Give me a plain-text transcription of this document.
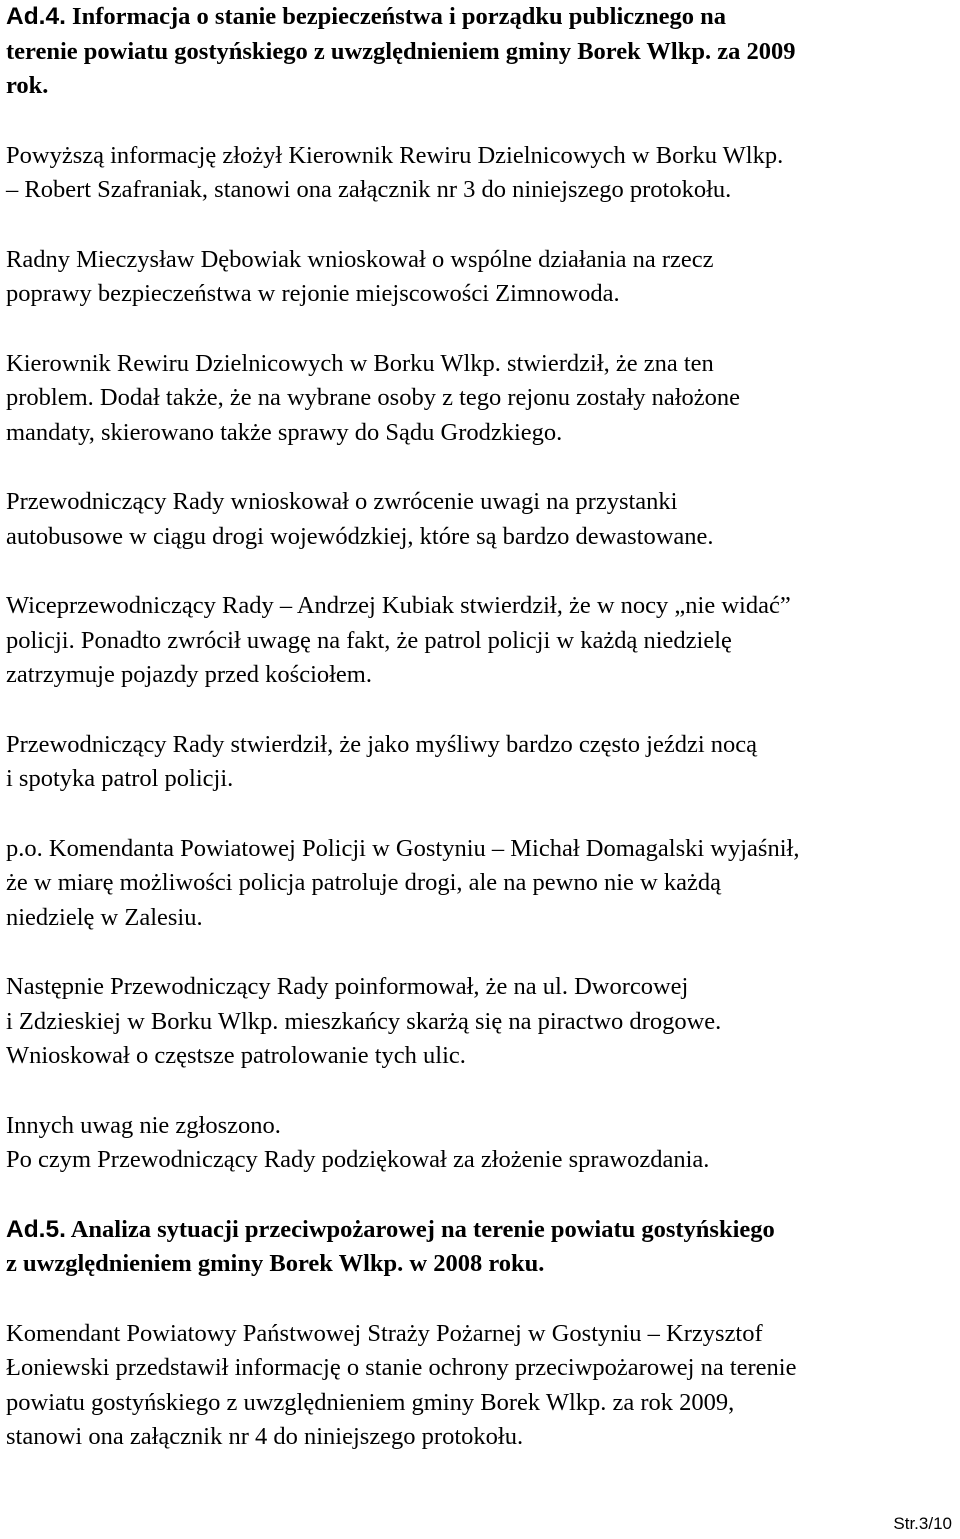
Ad.4. Informacja o stanie bezpieczeństwa i porządku publicznego na
terenie powiatu gostyńskiego z uwzględnieniem gminy Borek Wlkp. za 2009
rok.
Powyższą informację złożył Kierownik Rewiru Dzielnicowych w Borku Wlkp.
– Robert Szafraniak, stanowi ona załącznik nr 3 do niniejszego protokołu.
Radny Mieczysław Dębowiak wnioskował o wspólne działania na rzecz
poprawy bezpieczeństwa w rejonie miejscowości Zimnowoda.
Kierownik Rewiru Dzielnicowych w Borku Wlkp. stwierdził, że zna ten
problem. Dodał także, że na wybrane osoby z tego rejonu zostały nałożone
mandaty, skierowano także sprawy do Sądu Grodzkiego.
Przewodniczący Rady wnioskował o zwrócenie uwagi na przystanki
autobusowe w ciągu drogi wojewódzkiej, które są bardzo dewastowane.
Wiceprzewodniczący Rady – Andrzej Kubiak stwierdził, że w nocy „nie widać”
policji. Ponadto zwrócił uwagę na fakt, że patrol policji w każdą niedzielę
zatrzymuje pojazdy przed kościołem.
Przewodniczący Rady stwierdził, że jako myśliwy bardzo często jeździ nocą
i spotyka patrol policji.
p.o. Komendanta Powiatowej Policji w Gostyniu – Michał Domagalski wyjaśnił,
że w miarę możliwości policja patroluje drogi, ale na pewno nie w każdą
niedzielę w Zalesiu.
Następnie Przewodniczący Rady poinformował, że na ul. Dworcowej
i Zdzieskiej w Borku Wlkp. mieszkańcy skarżą się na piractwo drogowe.
Wnioskował o częstsze patrolowanie tych ulic.
Innych uwag nie zgłoszono.
Po czym Przewodniczący Rady podziękował za złożenie sprawozdania.
Ad.5. Analiza sytuacji przeciwpożarowej na terenie powiatu gostyńskiego
z uwzględnieniem gminy Borek Wlkp. w 2008 roku.
Komendant Powiatowy Państwowej Straży Pożarnej w Gostyniu – Krzysztof
Łoniewski przedstawił informację o stanie ochrony przeciwpożarowej na terenie
powiatu gostyńskiego z uwzględnieniem gminy Borek Wlkp. za rok 2009,
stanowi ona załącznik nr 4 do niniejszego protokołu.
Str.3/10
